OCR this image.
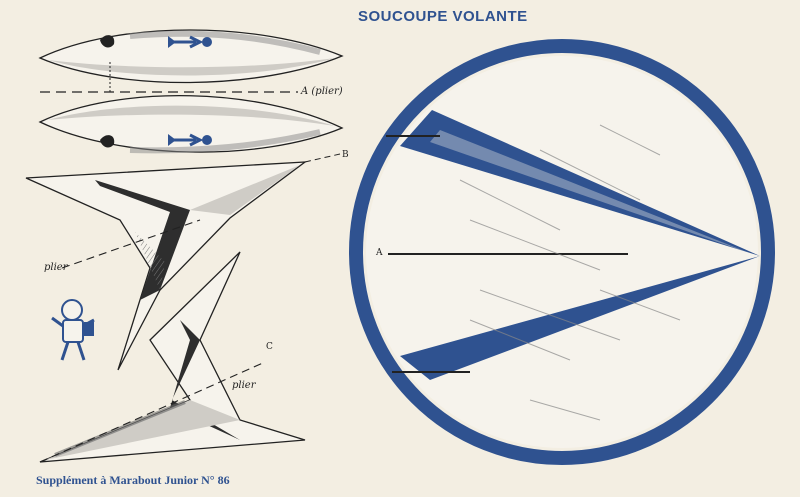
SOUCOUPE VOLANTE
A (plier)
B
C
plier
plier
A
Supplément à Marabout Junior N° 86
